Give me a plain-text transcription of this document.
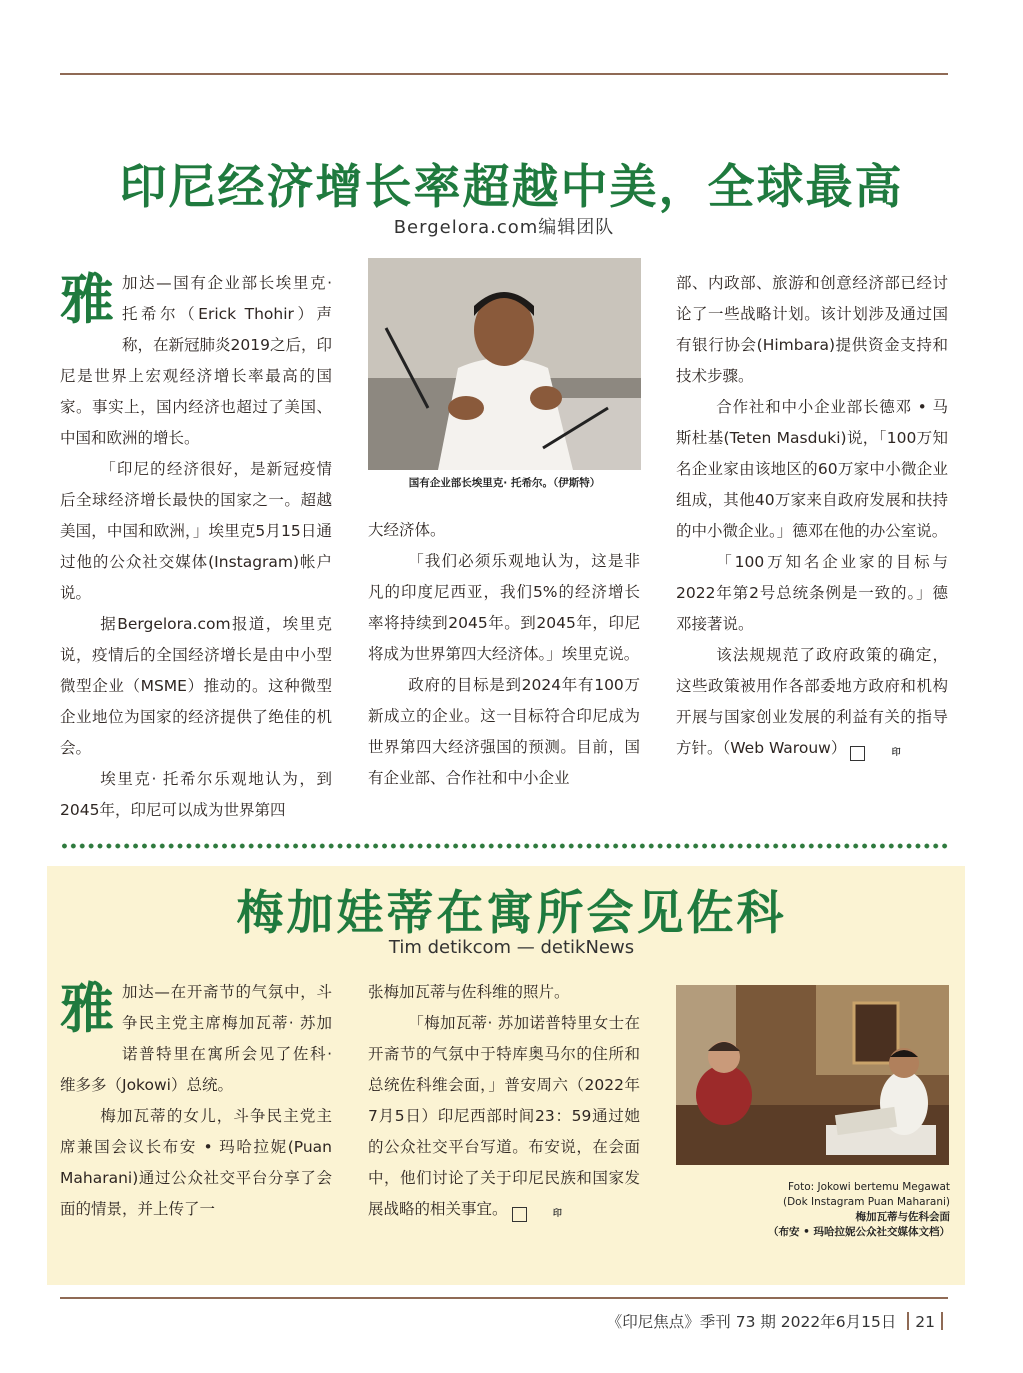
印尼经济增长率超越中美，全球最高
Bergelora.com编辑团队
雅 加达—国有企业部长埃里克· 托希尔（Erick Thohir）声称，在新冠肺炎2019之后，印尼是世界上宏观经济增长率最高的国家。事实上，国内经济也超过了美国、中国和欧洲的增长。

「印尼的经济很好，是新冠疫情后全球经济增长最快的国家之一。超越美国，中国和欧洲，」埃里克5月15日通过他的公众社交媒体(Instagram)帐户说。

据Bergelora.com报道，埃里克说，疫情后的全国经济增长是由中小型微型企业（MSME）推动的。这种微型企业地位为国家的经济提供了绝佳的机会。

埃里克· 托希尔乐观地认为，到2045年，印尼可以成为世界第四

国有企业部长埃里克· 托希尔。（伊斯特）

大经济体。

「我们必须乐观地认为，这是非凡的印度尼西亚，我们5%的经济增长率将持续到2045年。到2045年，印尼将成为世界第四大经济体。」埃里克说。

政府的目标是到2024年有100万新成立的企业。这一目标符合印尼成为世界第四大经济强国的预测。目前，国有企业部、合作社和中小企业

部、内政部、旅游和创意经济部已经讨论了一些战略计划。该计划涉及通过国有银行协会(Himbara)提供资金支持和技术步骤。

合作社和中小企业部长德邓 • 马斯杜基(Teten Masduki)说，「100万知名企业家由该地区的60万家中小微企业组成，其他40万家来自政府发展和扶持的中小微企业。」德邓在他的办公室说。

「100万知名企业家的目标与2022年第2号总统条例是一致的。」德邓接著说。

该法规规范了政府政策的确定，这些政策被用作各部委地方政府和机构开展与国家创业发展的利益有关的指导方针。（Web Warouw）	印

梅加娃蒂在寓所会见佐科
Tim detikcom — detikNews
雅 加达—在开斋节的气氛中，斗争民主党主席梅加瓦蒂· 苏加诺普特里在寓所会见了佐科· 维多多（Jokowi）总统。

梅加瓦蒂的女儿，斗争民主党主席兼国会议长布安 • 玛哈拉妮(Puan Maharani)通过公众社交平台分享了会面的情景，并上传了一

张梅加瓦蒂与佐科维的照片。

「梅加瓦蒂· 苏加诺普特里女士在开斋节的气氛中于特库奥马尔的住所和总统佐科维会面，」普安周六（2022年7月5日）印尼西部时间23：59通过她的公众社交平台写道。布安说，在会面中，他们讨论了关于印尼民族和国家发展战略的相关事宜。	印

Foto: Jokowi bertemu Megawat
(Dok Instagram Puan Maharani)
梅加瓦蒂与佐科会面
（布安 • 玛哈拉妮公众社交媒体文档）
《印尼焦点》季刊 73 期 2022年6月15日 21
